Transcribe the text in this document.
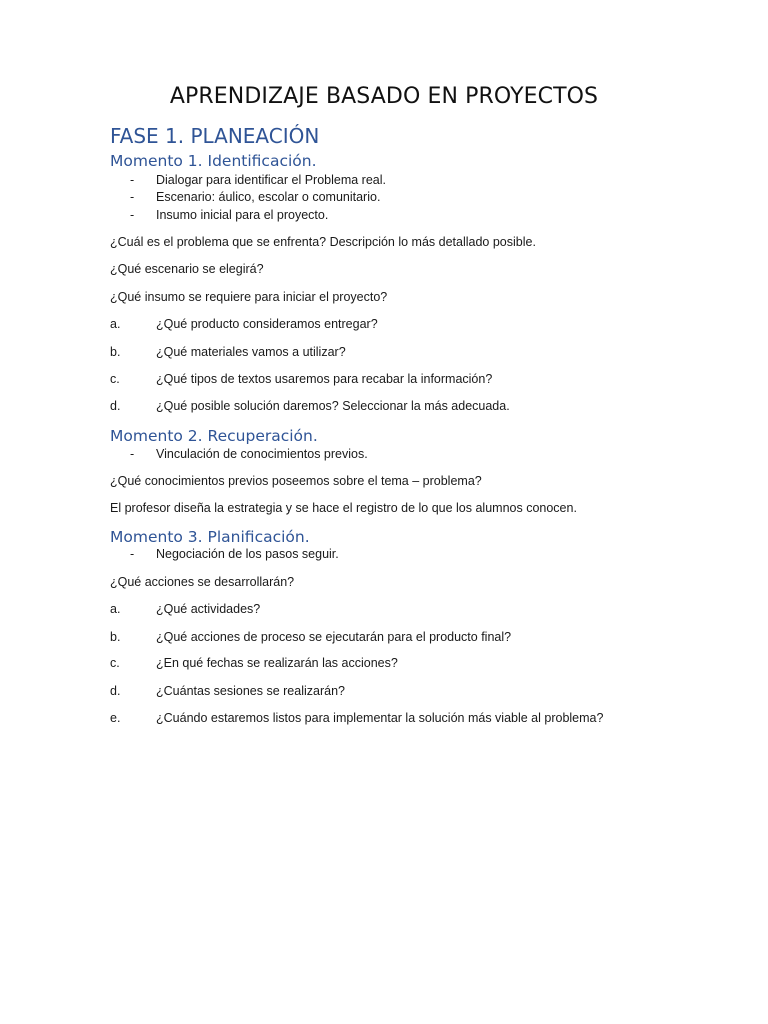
APRENDIZAJE BASADO EN PROYECTOS
FASE 1. PLANEACIÓN
Momento 1. Identificación.
- Dialogar para identificar el Problema real.
- Escenario: áulico, escolar o comunitario.
- Insumo inicial para el proyecto.
¿Cuál es el problema que se enfrenta? Descripción lo más detallado posible.
¿Qué escenario se elegirá?
¿Qué insumo se requiere para iniciar el proyecto?
a.	¿Qué producto consideramos entregar?
b.	¿Qué materiales vamos a utilizar?
c.	¿Qué tipos de textos usaremos para recabar la información?
d.	¿Qué posible solución daremos? Seleccionar la más adecuada.
Momento 2. Recuperación.
- Vinculación de conocimientos previos.
¿Qué conocimientos previos poseemos sobre el tema – problema?
El profesor diseña la estrategia y se hace el registro de lo que los alumnos conocen.
Momento 3. Planificación.
- Negociación de los pasos seguir.
¿Qué acciones se desarrollarán?
a.	¿Qué actividades?
b.	¿Qué acciones de proceso se ejecutarán para el producto final?
c.	¿En qué fechas se realizarán las acciones?
d.	¿Cuántas sesiones se realizarán?
e.	¿Cuándo estaremos listos para implementar la solución más viable al problema?
